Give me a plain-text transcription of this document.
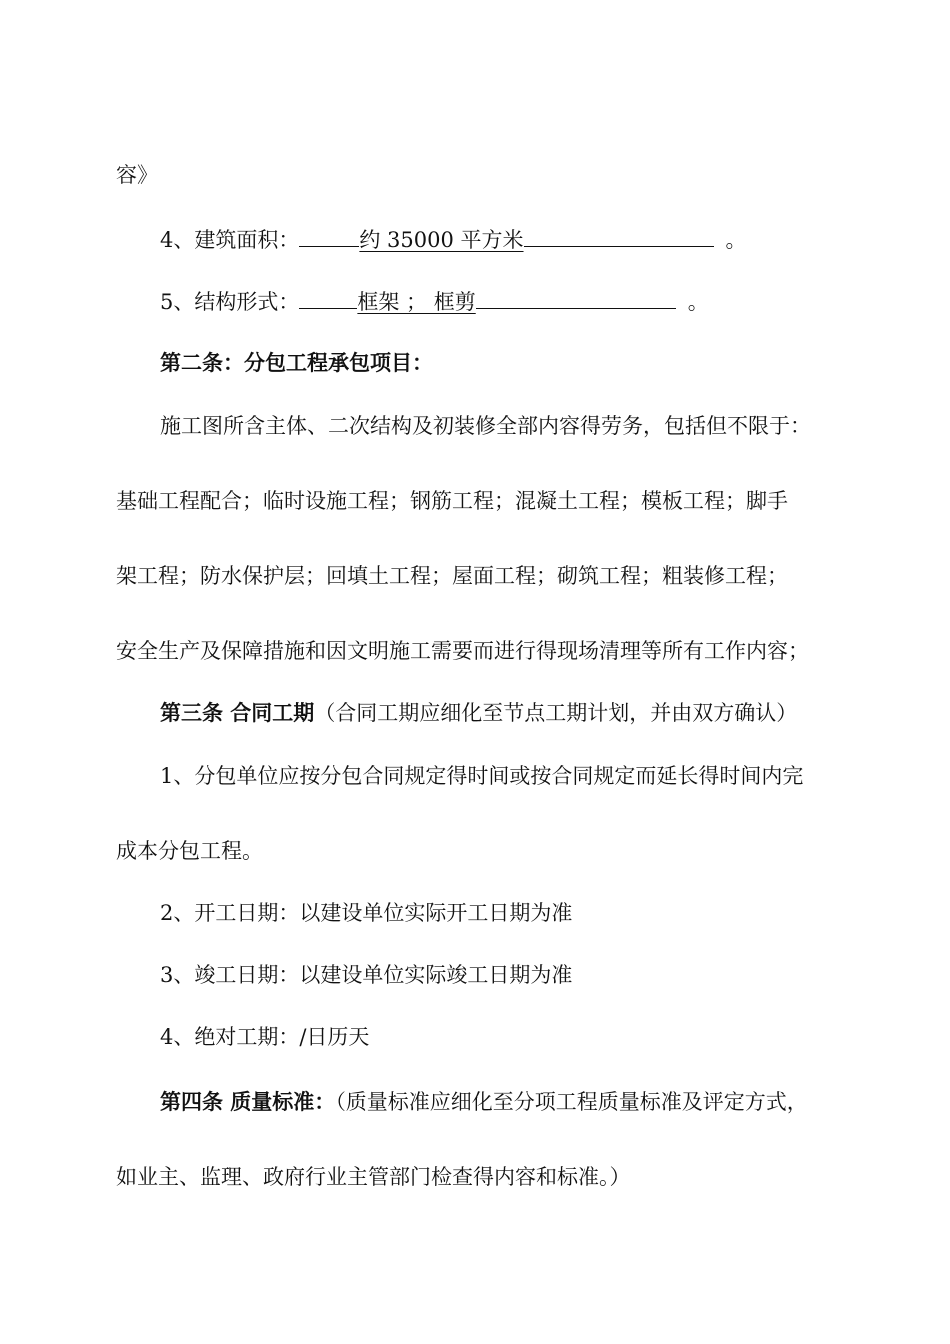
容》
4、建筑面积：	约 35000 平方米	。
5、结构形式：	框架 ； 框剪	。
第二条：分包工程承包项目：
施工图所含主体、二次结构及初装修全部内容得劳务，包括但不限于：
基础工程配合；临时设施工程；钢筋工程；混凝土工程；模板工程；脚手
架工程；防水保护层；回填土工程；屋面工程；砌筑工程；粗装修工程；
安全生产及保障措施和因文明施工需要而进行得现场清理等所有工作内容；
第三条 合同工期（合同工期应细化至节点工期计划，并由双方确认）
1、分包单位应按分包合同规定得时间或按合同规定而延长得时间内完
成本分包工程。
2、开工日期：以建设单位实际开工日期为准
3、竣工日期：以建设单位实际竣工日期为准
4、绝对工期：/日历天
第四条 质量标准：（质量标准应细化至分项工程质量标准及评定方式，
如业主、监理、政府行业主管部门检查得内容和标准。）
